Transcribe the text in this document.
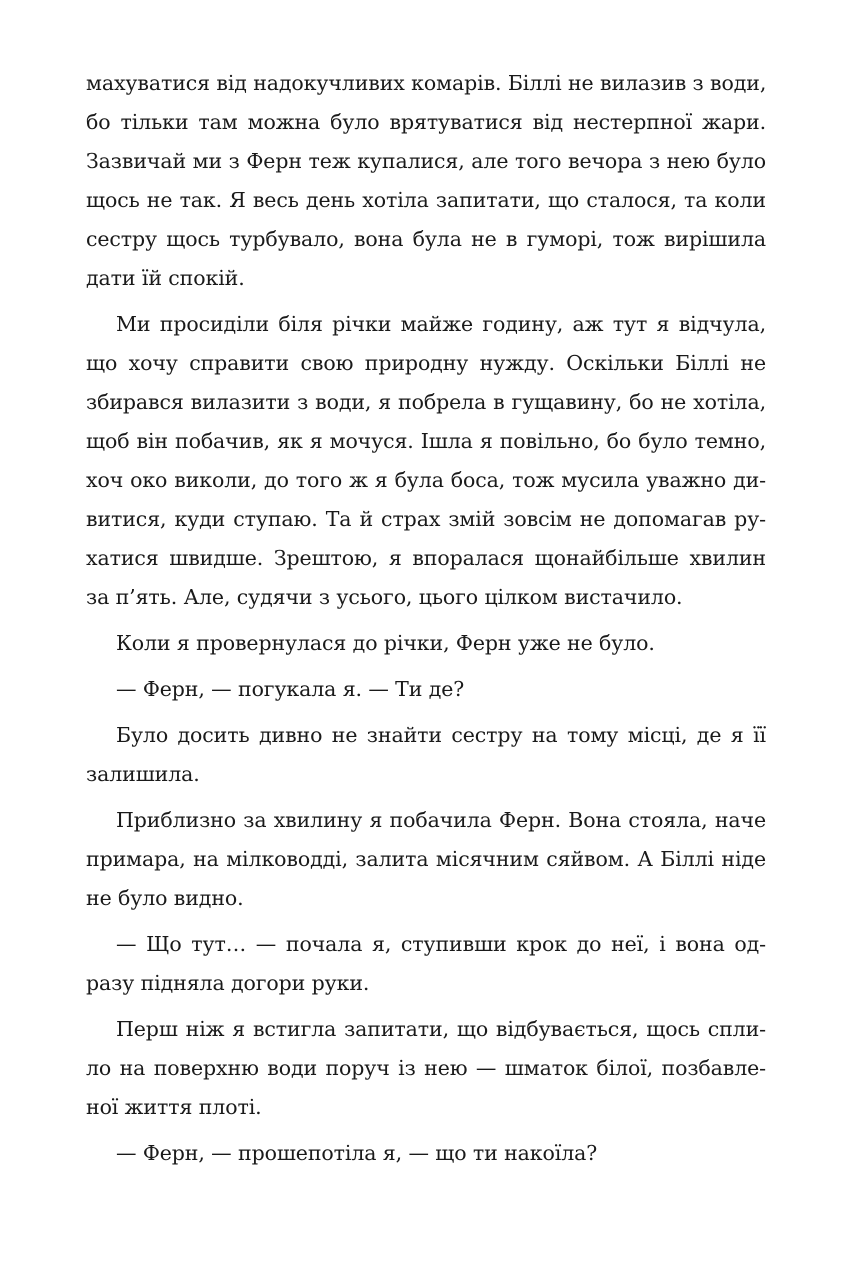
махуватися від надокучливих комарів. Біллі не вилазив з води,
бо тільки там можна було врятуватися від нестерпної жари.
Зазвичай ми з Ферн теж купалися, але того вечора з нею було
щось не так. Я весь день хотіла запитати, що сталося, та коли
сестру щось турбувало, вона була не в гуморі, тож вирішила
дати їй спокій.
Ми просиділи біля річки майже годину, аж тут я відчула,
що хочу справити свою природну нужду. Оскільки Біллі не
збирався вилазити з води, я побрела в гущавину, бо не хотіла,
щоб він побачив, як я мочуся. Ішла я повільно, бо було темно,
хоч око виколи, до того ж я була боса, тож мусила уважно ди-
витися, куди ступаю. Та й страх змій зовсім не допомагав ру-
хатися швидше. Зрештою, я впоралася щонайбільше хвилин
за п’ять. Але, судячи з усього, цього цілком вистачило.
Коли я провернулася до річки, Ферн уже не було.
— Ферн, — погукала я. — Ти де?
Було досить дивно не знайти сестру на тому місці, де я її
залишила.
Приблизно за хвилину я побачила Ферн. Вона стояла, наче
примара, на мілководді, залита місячним сяйвом. А Біллі ніде
не було видно.
— Що тут… — почала я, ступивши крок до неї, і вона од-
разу підняла догори руки.
Перш ніж я встигла запитати, що відбувається, щось спли-
ло на поверхню води поруч із нею — шматок білої, позбавле-
ної життя плоті.
— Ферн, — прошепотіла я, — що ти накоїла?
